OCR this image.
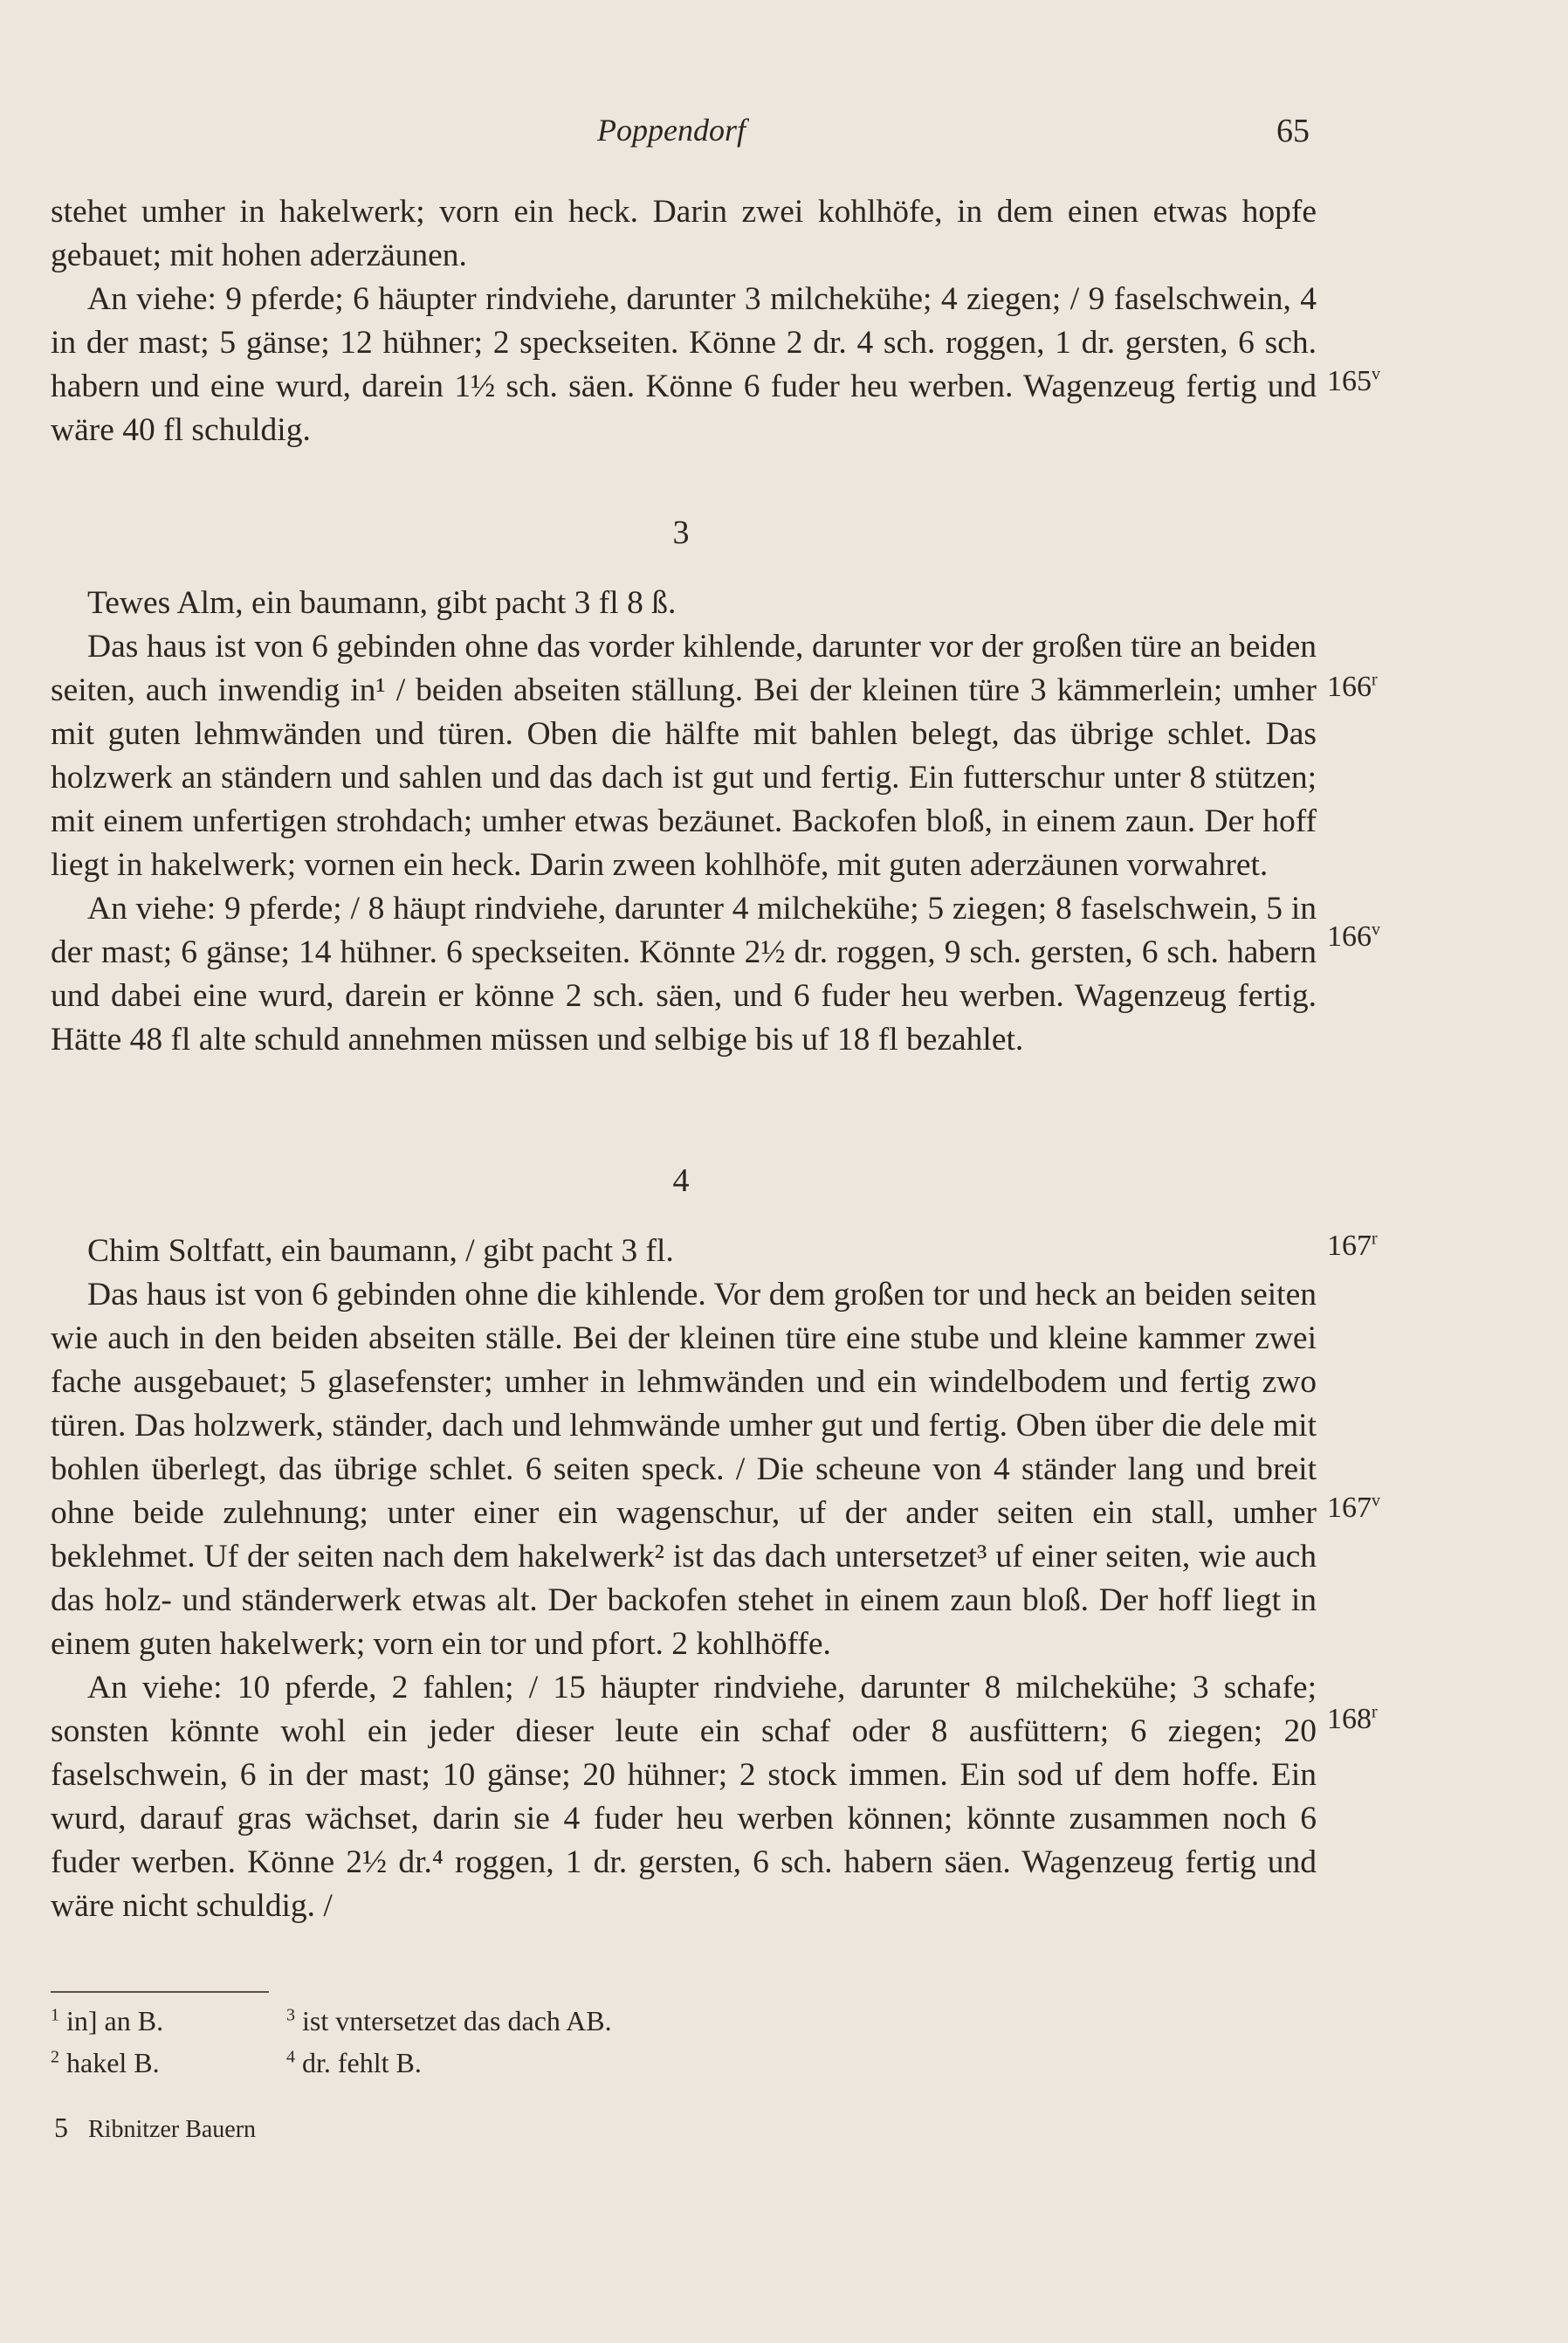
Poppendorf	65

stehet umher in hakelwerk; vorn ein heck. Darin zwei kohlhöfe, in dem einen etwas hopfe gebauet; mit hohen aderzäunen.

An viehe: 9 pferde; 6 häupter rindviehe, darunter 3 milchekühe; 4 ziegen; / 9 faselschwein, 4 in der mast; 5 gänse; 12 hühner; 2 speckseiten. Könne 2 dr. 4 sch. roggen, 1 dr. gersten, 6 sch. habern und eine wurd, darein 1½ sch. säen. Könne 6 fuder heu werben. Wagenzeug fertig und wäre 40 fl schuldig.

3

Tewes Alm, ein baumann, gibt pacht 3 fl 8 ß.

Das haus ist von 6 gebinden ohne das vorder kihlende, darunter vor der großen türe an beiden seiten, auch inwendig in¹ / beiden abseiten ställung. Bei der kleinen türe 3 kämmerlein; umher mit guten lehmwänden und türen. Oben die hälfte mit bahlen belegt, das übrige schlet. Das holzwerk an ständern und sahlen und das dach ist gut und fertig. Ein futterschur unter 8 stützen; mit einem unfertigen strohdach; umher etwas bezäunet. Backofen bloß, in einem zaun. Der hoff liegt in hakelwerk; vornen ein heck. Darin zween kohlhöfe, mit guten aderzäunen vorwahret.

An viehe: 9 pferde; / 8 häupt rindviehe, darunter 4 milchekühe; 5 ziegen; 8 faselschwein, 5 in der mast; 6 gänse; 14 hühner. 6 speckseiten. Könnte 2½ dr. roggen, 9 sch. gersten, 6 sch. habern und dabei eine wurd, darein er könne 2 sch. säen, und 6 fuder heu werben. Wagenzeug fertig. Hätte 48 fl alte schuld annehmen müssen und selbige bis uf 18 fl bezahlet.

4

Chim Soltfatt, ein baumann, / gibt pacht 3 fl.

Das haus ist von 6 gebinden ohne die kihlende. Vor dem großen tor und heck an beiden seiten wie auch in den beiden abseiten ställe. Bei der kleinen türe eine stube und kleine kammer zwei fache ausgebauet; 5 glasefenster; umher in lehmwänden und ein windelbodem und fertig zwo türen. Das holzwerk, ständer, dach und lehmwände umher gut und fertig. Oben über die dele mit bohlen überlegt, das übrige schlet. 6 seiten speck. / Die scheune von 4 ständer lang und breit ohne beide zulehnung; unter einer ein wagenschur, uf der ander seiten ein stall, umher beklehmet. Uf der seiten nach dem hakelwerk² ist das dach untersetzet³ uf einer seiten, wie auch das holz- und ständerwerk etwas alt. Der backofen stehet in einem zaun bloß. Der hoff liegt in einem guten hakelwerk; vorn ein tor und pfort. 2 kohlhöffe.

An viehe: 10 pferde, 2 fahlen; / 15 häupter rindviehe, darunter 8 milchekühe; 3 schafe; sonsten könnte wohl ein jeder dieser leute ein schaf oder 8 ausfüttern; 6 ziegen; 20 faselschwein, 6 in der mast; 10 gänse; 20 hühner; 2 stock immen. Ein sod uf dem hoffe. Ein wurd, darauf gras wächset, darin sie 4 fuder heu werben können; könnte zusammen noch 6 fuder werben. Könne 2½ dr.⁴ roggen, 1 dr. gersten, 6 sch. habern säen. Wagenzeug fertig und wäre nicht schuldig. /

165$^v$
166$^r$
166$^v$
167$^r$
167$^v$
168$^r$
$^1$ in] an B.
$^2$ hakel B.
$^3$ ist vntersetzet das dach AB.
$^4$ dr. fehlt B.
5 Ribnitzer Bauern
